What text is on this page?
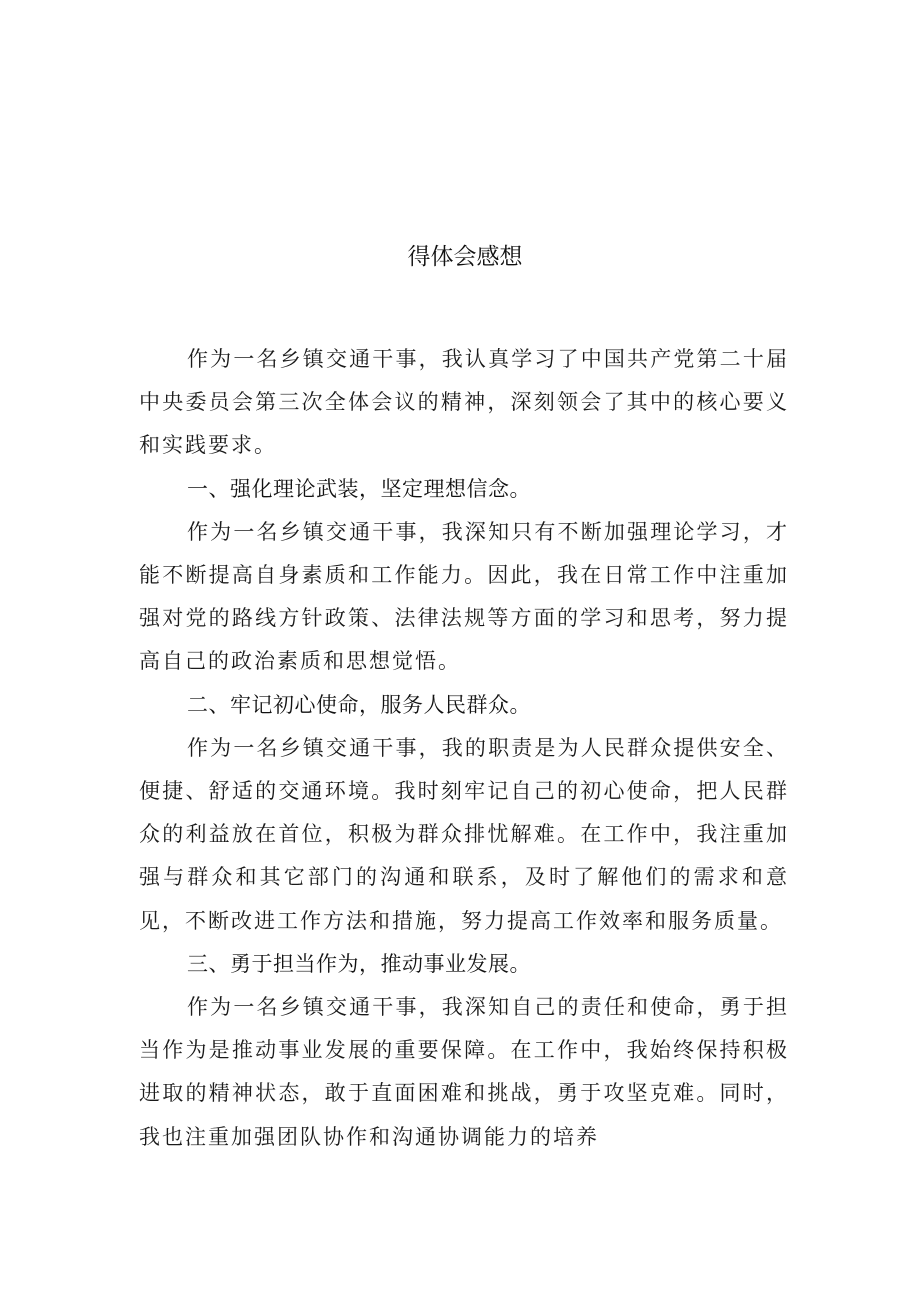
得体会感想

作为一名乡镇交通干事，我认真学习了中国共产党第二十届中央委员会第三次全体会议的精神，深刻领会了其中的核心要义和实践要求。

一、强化理论武装，坚定理想信念。

作为一名乡镇交通干事，我深知只有不断加强理论学习，才能不断提高自身素质和工作能力。因此，我在日常工作中注重加强对党的路线方针政策、法律法规等方面的学习和思考，努力提高自己的政治素质和思想觉悟。

二、牢记初心使命，服务人民群众。

作为一名乡镇交通干事，我的职责是为人民群众提供安全、便捷、舒适的交通环境。我时刻牢记自己的初心使命，把人民群众的利益放在首位，积极为群众排忧解难。在工作中，我注重加强与群众和其它部门的沟通和联系，及时了解他们的需求和意见，不断改进工作方法和措施，努力提高工作效率和服务质量。

三、勇于担当作为，推动事业发展。

作为一名乡镇交通干事，我深知自己的责任和使命，勇于担当作为是推动事业发展的重要保障。在工作中，我始终保持积极进取的精神状态，敢于直面困难和挑战，勇于攻坚克难。同时，我也注重加强团队协作和沟通协调能力的培养
